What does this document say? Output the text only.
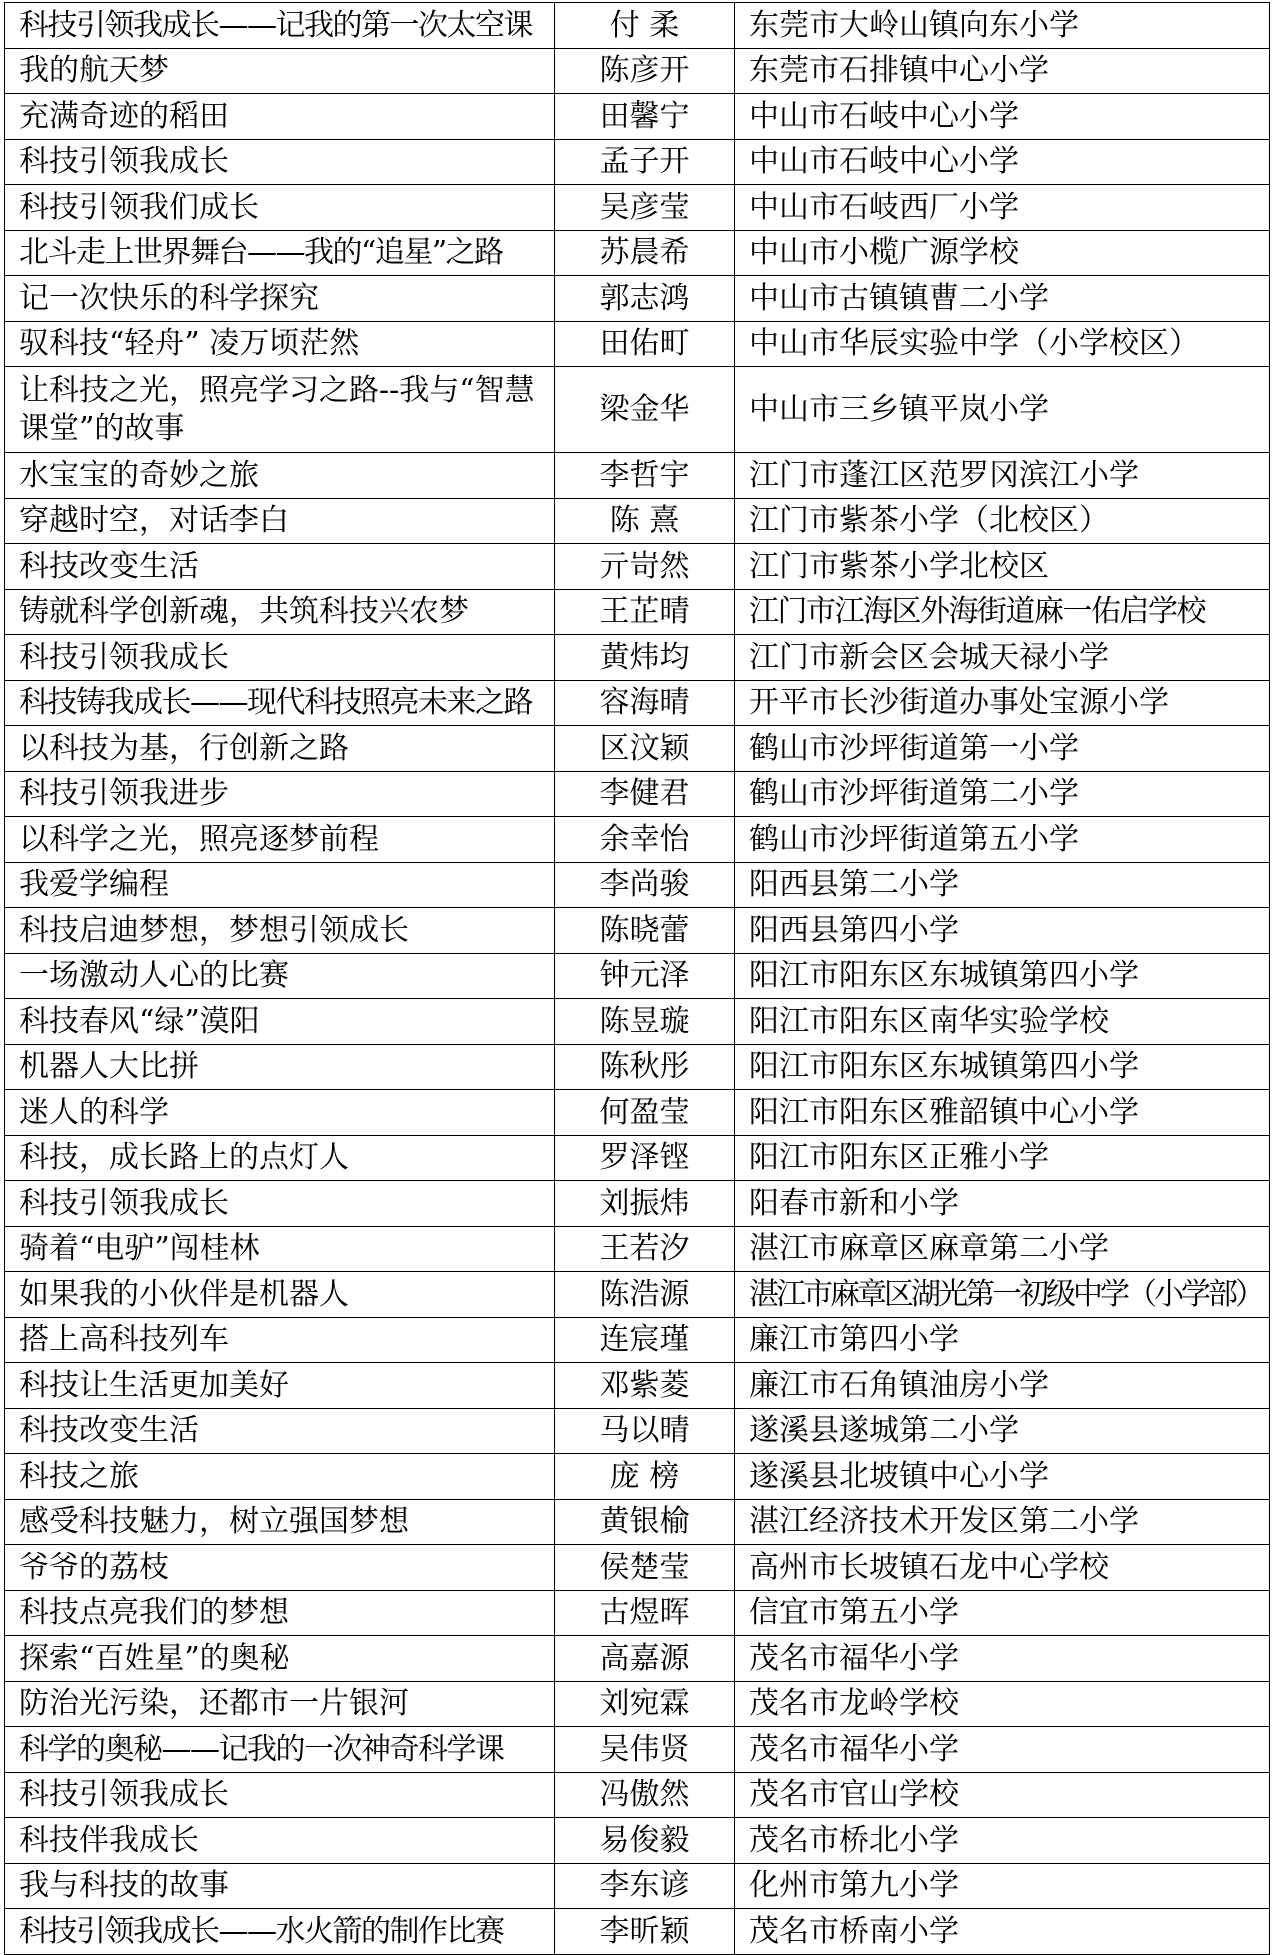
科技引领我成长——记我的第一次太空课	付 柔	东莞市大岭山镇向东小学
我的航天梦	陈彦开	东莞市石排镇中心小学
充满奇迹的稻田	田馨宁	中山市石岐中心小学
科技引领我成长	孟子开	中山市石岐中心小学
科技引领我们成长	吴彦莹	中山市石岐西厂小学
北斗走上世界舞台——我的“追星”之路	苏晨希	中山市小榄广源学校
记一次快乐的科学探究	郭志鸿	中山市古镇镇曹二小学
驭科技“轻舟” 凌万顷茫然	田佑町	中山市华辰实验中学（小学校区）
让科技之光，照亮学习之路--我与“智慧课堂”的故事	梁金华	中山市三乡镇平岚小学
水宝宝的奇妙之旅	李哲宇	江门市蓬江区范罗冈滨江小学
穿越时空，对话李白	陈 熹	江门市紫茶小学（北校区）
科技改变生活	亓岢然	江门市紫茶小学北校区
铸就科学创新魂，共筑科技兴农梦	王芷晴	江门市江海区外海街道麻一佑启学校
科技引领我成长	黄炜均	江门市新会区会城天禄小学
科技铸我成长——现代科技照亮未来之路	容海晴	开平市长沙街道办事处宝源小学
以科技为基，行创新之路	区汶颖	鹤山市沙坪街道第一小学
科技引领我进步	李健君	鹤山市沙坪街道第二小学
以科学之光，照亮逐梦前程	余幸怡	鹤山市沙坪街道第五小学
我爱学编程	李尚骏	阳西县第二小学
科技启迪梦想，梦想引领成长	陈晓蕾	阳西县第四小学
一场激动人心的比赛	钟元泽	阳江市阳东区东城镇第四小学
科技春风“绿”漠阳	陈昱璇	阳江市阳东区南华实验学校
机器人大比拼	陈秋彤	阳江市阳东区东城镇第四小学
迷人的科学	何盈莹	阳江市阳东区雅韶镇中心小学
科技，成长路上的点灯人	罗泽铿	阳江市阳东区正雅小学
科技引领我成长	刘振炜	阳春市新和小学
骑着“电驴”闯桂林	王若汐	湛江市麻章区麻章第二小学
如果我的小伙伴是机器人	陈浩源	湛江市麻章区湖光第一初级中学（小学部）
搭上高科技列车	连宸瑾	廉江市第四小学
科技让生活更加美好	邓紫菱	廉江市石角镇油房小学
科技改变生活	马以晴	遂溪县遂城第二小学
科技之旅	庞 榜	遂溪县北坡镇中心小学
感受科技魅力，树立强国梦想	黄银榆	湛江经济技术开发区第二小学
爷爷的荔枝	侯楚莹	高州市长坡镇石龙中心学校
科技点亮我们的梦想	古煜晖	信宜市第五小学
探索“百姓星”的奥秘	高嘉源	茂名市福华小学
防治光污染，还都市一片银河	刘宛霖	茂名市龙岭学校
科学的奥秘——记我的一次神奇科学课	吴伟贤	茂名市福华小学
科技引领我成长	冯傲然	茂名市官山学校
科技伴我成长	易俊毅	茂名市桥北小学
我与科技的故事	李东谚	化州市第九小学
科技引领我成长——水火箭的制作比赛	李昕颖	茂名市桥南小学
